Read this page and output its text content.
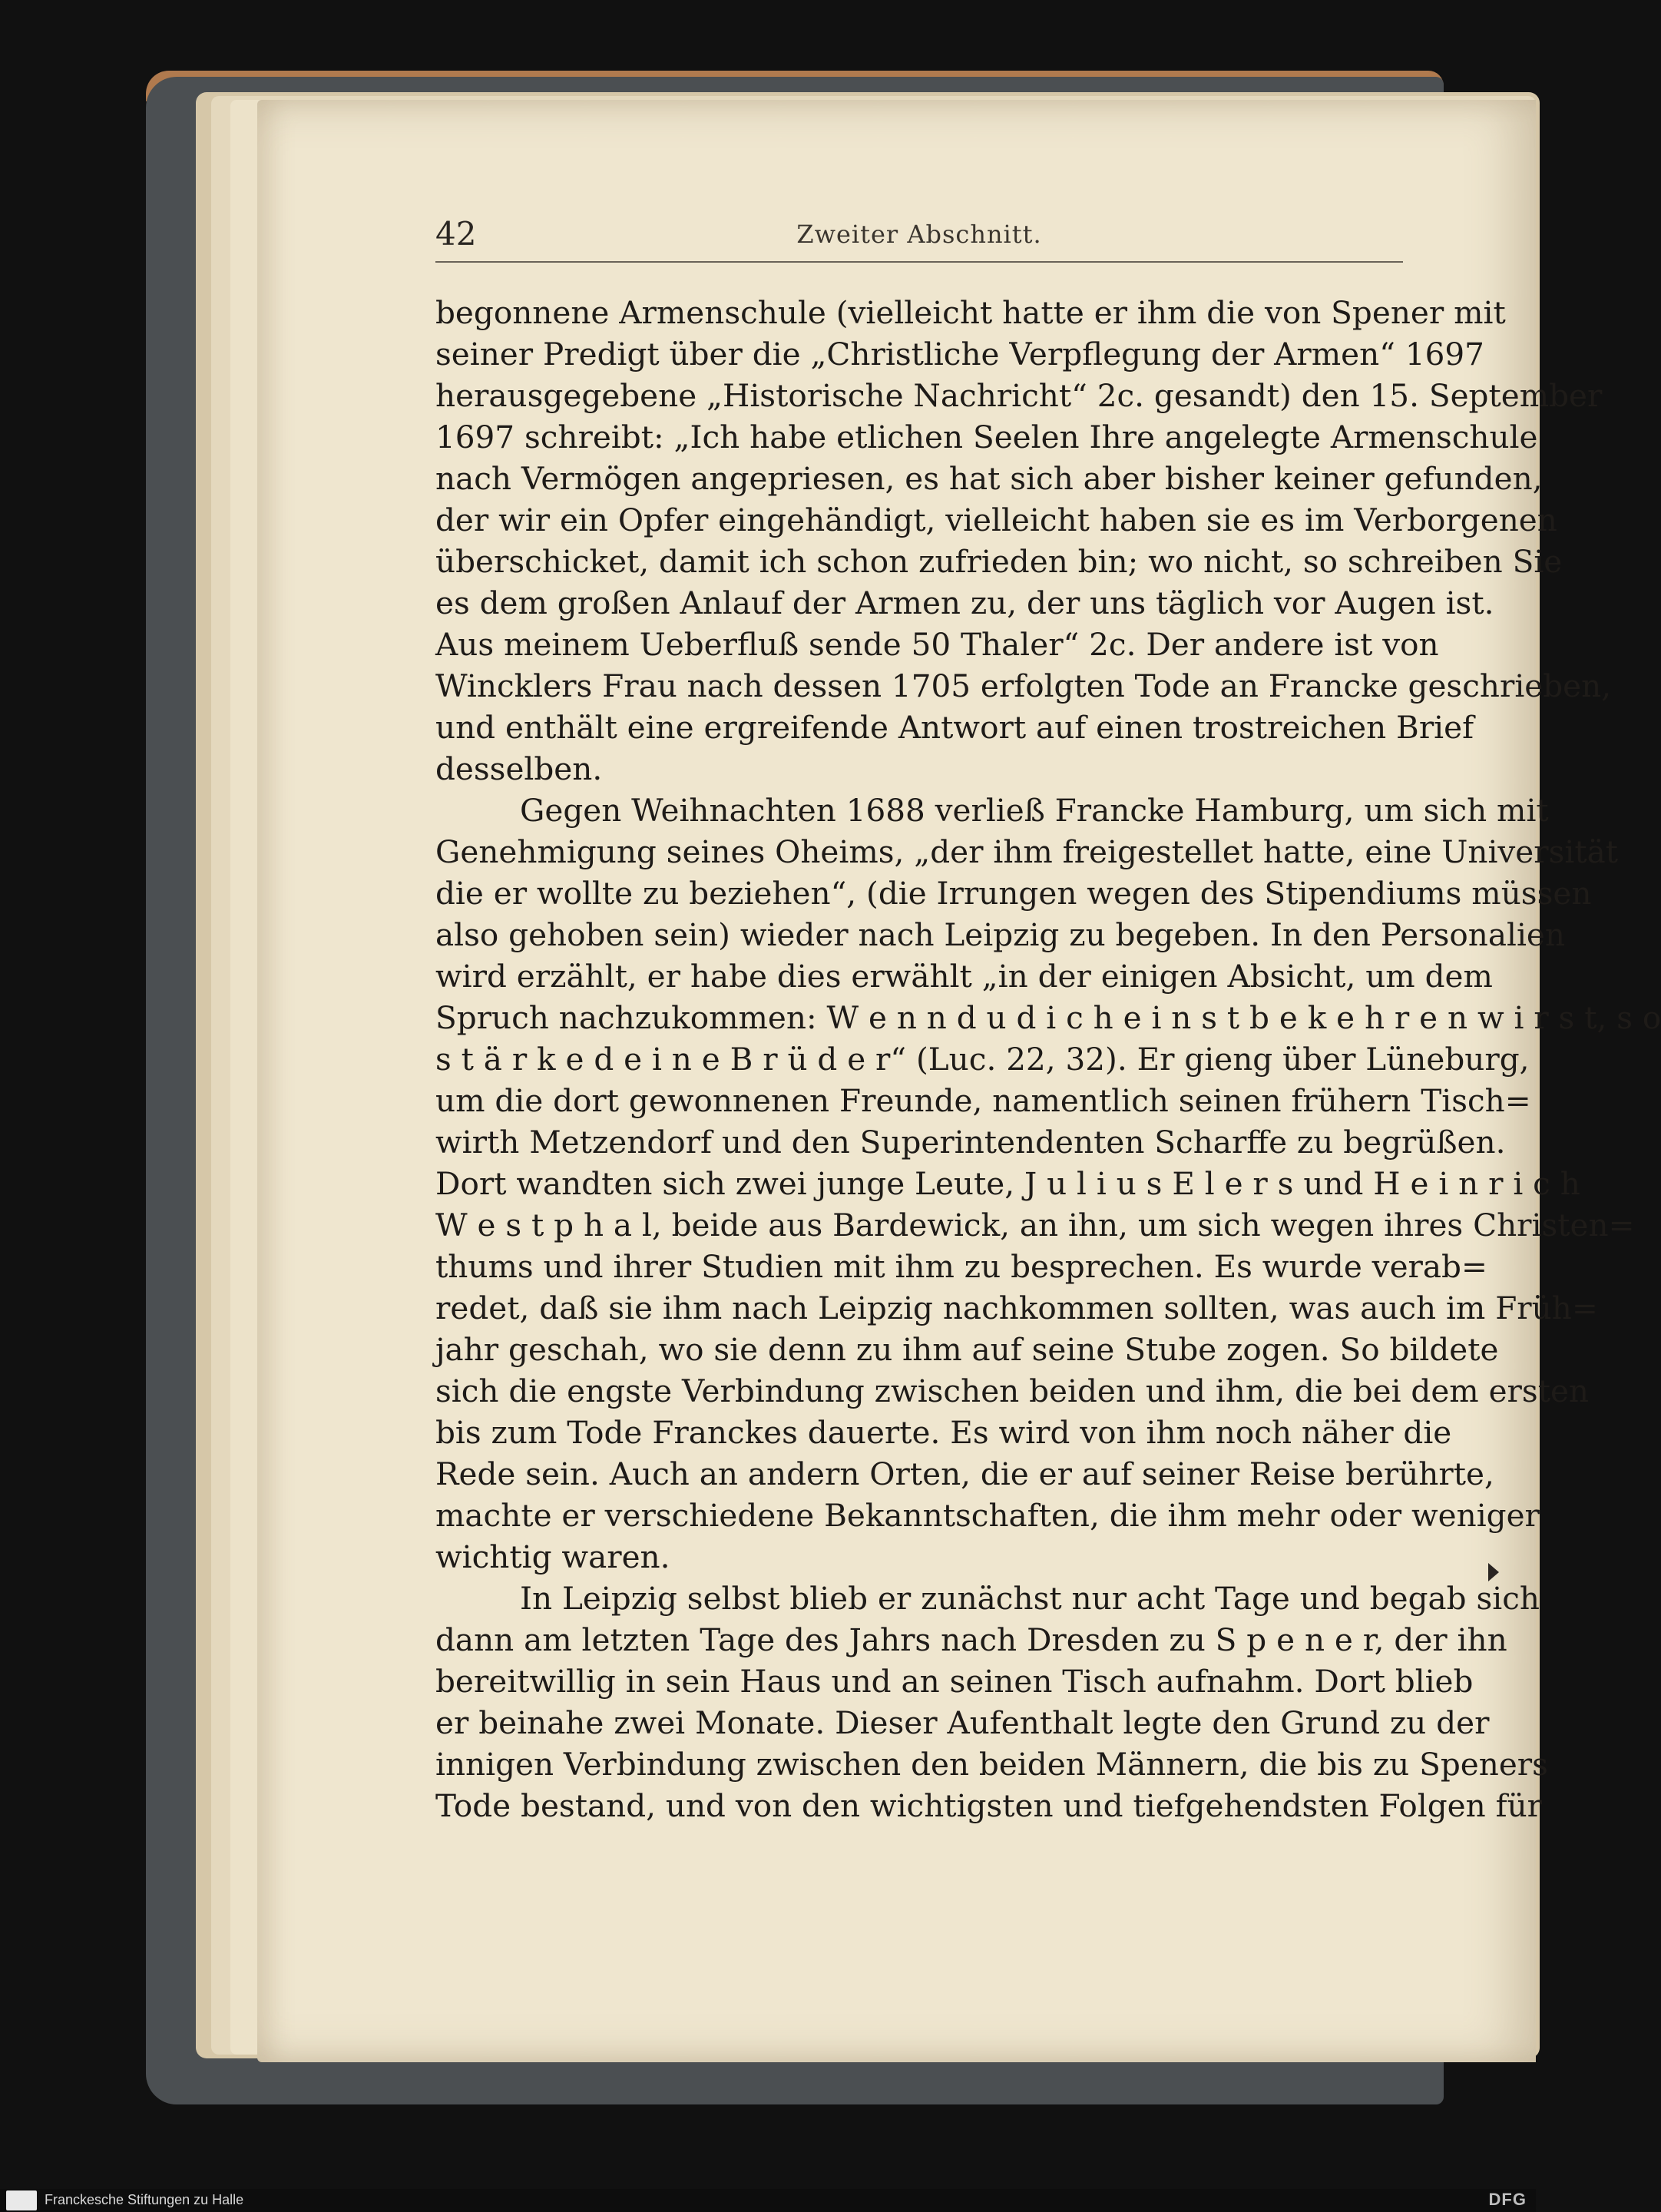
42	Zweiter Abschnitt.
begonnene Armenschule (vielleicht hatte er ihm die von Spener mit
seiner Predigt über die „Christliche Verpflegung der Armen“ 1697
herausgegebene „Historische Nachricht“ 2c. gesandt) den 15. September
1697 schreibt: „Ich habe etlichen Seelen Ihre angelegte Armenschule
nach Vermögen angepriesen, es hat sich aber bisher keiner gefunden,
der wir ein Opfer eingehändigt, vielleicht haben sie es im Verborgenen
überschicket, damit ich schon zufrieden bin; wo nicht, so schreiben Sie
es dem großen Anlauf der Armen zu, der uns täglich vor Augen ist.
Aus meinem Ueberfluß sende 50 Thaler“ 2c. Der andere ist von
Wincklers Frau nach dessen 1705 erfolgten Tode an Francke geschrieben,
und enthält eine ergreifende Antwort auf einen trostreichen Brief
desselben.
Gegen Weihnachten 1688 verließ Francke Hamburg, um sich mit
Genehmigung seines Oheims, „der ihm freigestellet hatte, eine Universität
die er wollte zu beziehen“, (die Irrungen wegen des Stipendiums müssen
also gehoben sein) wieder nach Leipzig zu begeben. In den Personalien
wird erzählt, er habe dies erwählt „in der einigen Absicht, um dem
Spruch nachzukommen: W e n n d u d i c h e i n s t b e k e h r e n w i r s t, s o
s t ä r k e d e i n e B r ü d e r“ (Luc. 22, 32). Er gieng über Lüneburg,
um die dort gewonnenen Freunde, namentlich seinen frühern Tisch=
wirth Metzendorf und den Superintendenten Scharffe zu begrüßen.
Dort wandten sich zwei junge Leute, J u l i u s E l e r s und H e i n r i c h
W e s t p h a l, beide aus Bardewick, an ihn, um sich wegen ihres Christen=
thums und ihrer Studien mit ihm zu besprechen. Es wurde verab=
redet, daß sie ihm nach Leipzig nachkommen sollten, was auch im Früh=
jahr geschah, wo sie denn zu ihm auf seine Stube zogen. So bildete
sich die engste Verbindung zwischen beiden und ihm, die bei dem ersten
bis zum Tode Franckes dauerte. Es wird von ihm noch näher die
Rede sein. Auch an andern Orten, die er auf seiner Reise berührte,
machte er verschiedene Bekanntschaften, die ihm mehr oder weniger
wichtig waren.
In Leipzig selbst blieb er zunächst nur acht Tage und begab sich
dann am letzten Tage des Jahrs nach Dresden zu S p e n e r, der ihn
bereitwillig in sein Haus und an seinen Tisch aufnahm. Dort blieb
er beinahe zwei Monate. Dieser Aufenthalt legte den Grund zu der
innigen Verbindung zwischen den beiden Männern, die bis zu Speners
Tode bestand, und von den wichtigsten und tiefgehendsten Folgen für
Franckesche Stiftungen zu Halle	DFG
